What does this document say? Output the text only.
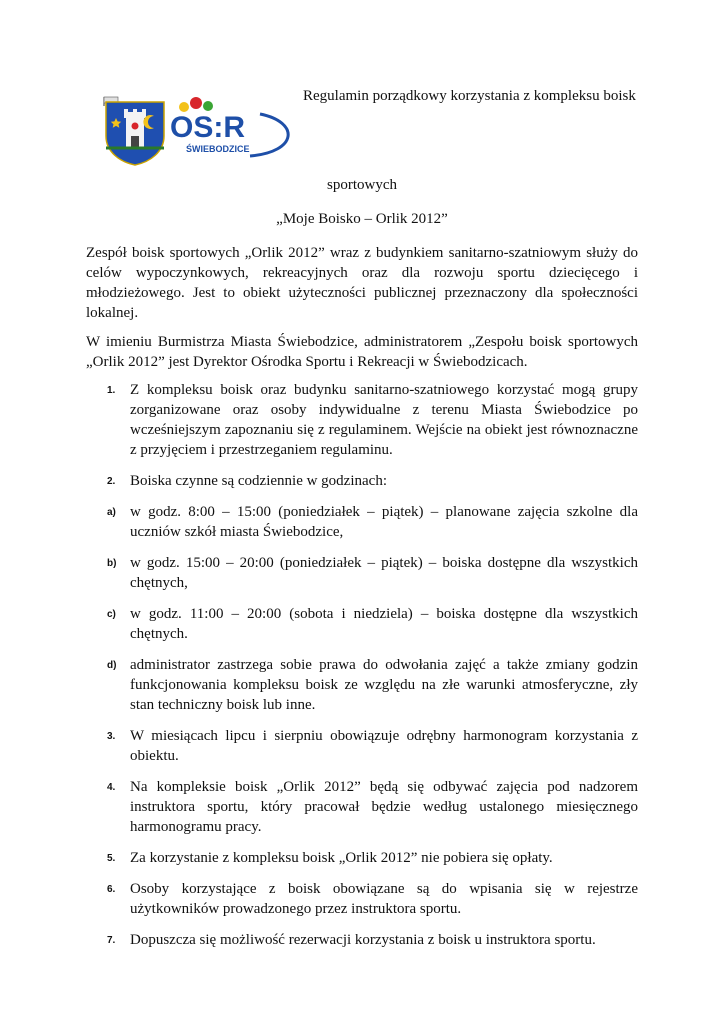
OS:R
ŚWIEBODZICE
Regulamin porządkowy korzystania z kompleksu boisk
sportowych
„Moje Boisko – Orlik 2012”
Zespół boisk sportowych „Orlik 2012” wraz z budynkiem sanitarno-szatniowym służy do celów wypoczynkowych, rekreacyjnych oraz dla rozwoju sportu dziecięcego i młodzieżowego. Jest to obiekt użyteczności publicznej przeznaczony dla społeczności lokalnej.
W imieniu Burmistrza Miasta Świebodzice, administratorem „Zespołu boisk sportowych „Orlik 2012” jest Dyrektor Ośrodka Sportu i Rekreacji w Świebodzicach.
1. Z kompleksu boisk oraz budynku sanitarno-szatniowego korzystać mogą grupy zorganizowane oraz osoby indywidualne z terenu Miasta Świebodzice po wcześniejszym zapoznaniu się z regulaminem. Wejście na obiekt jest równoznaczne z przyjęciem i przestrzeganiem regulaminu.
2. Boiska czynne są codziennie w godzinach:
a) w godz. 8:00 – 15:00 (poniedziałek – piątek) – planowane zajęcia szkolne dla uczniów szkół miasta Świebodzice,
b) w godz. 15:00 – 20:00 (poniedziałek – piątek) – boiska dostępne dla wszystkich chętnych,
c) w godz. 11:00 – 20:00 (sobota i niedziela) – boiska dostępne dla wszystkich chętnych.
d) administrator zastrzega sobie prawa do odwołania zajęć a także zmiany godzin funkcjonowania kompleksu boisk ze względu na złe warunki atmosferyczne, zły stan techniczny boisk lub inne.
3. W miesiącach lipcu i sierpniu obowiązuje odrębny harmonogram korzystania z obiektu.
4. Na kompleksie boisk „Orlik 2012” będą się odbywać zajęcia pod nadzorem instruktora sportu, który pracował będzie według ustalonego miesięcznego harmonogramu pracy.
5. Za korzystanie z kompleksu boisk „Orlik 2012” nie pobiera się opłaty.
6. Osoby korzystające z boisk obowiązane są do wpisania się w rejestrze użytkowników prowadzonego przez instruktora sportu.
7. Dopuszcza się możliwość rezerwacji korzystania z boisk u instruktora sportu.
